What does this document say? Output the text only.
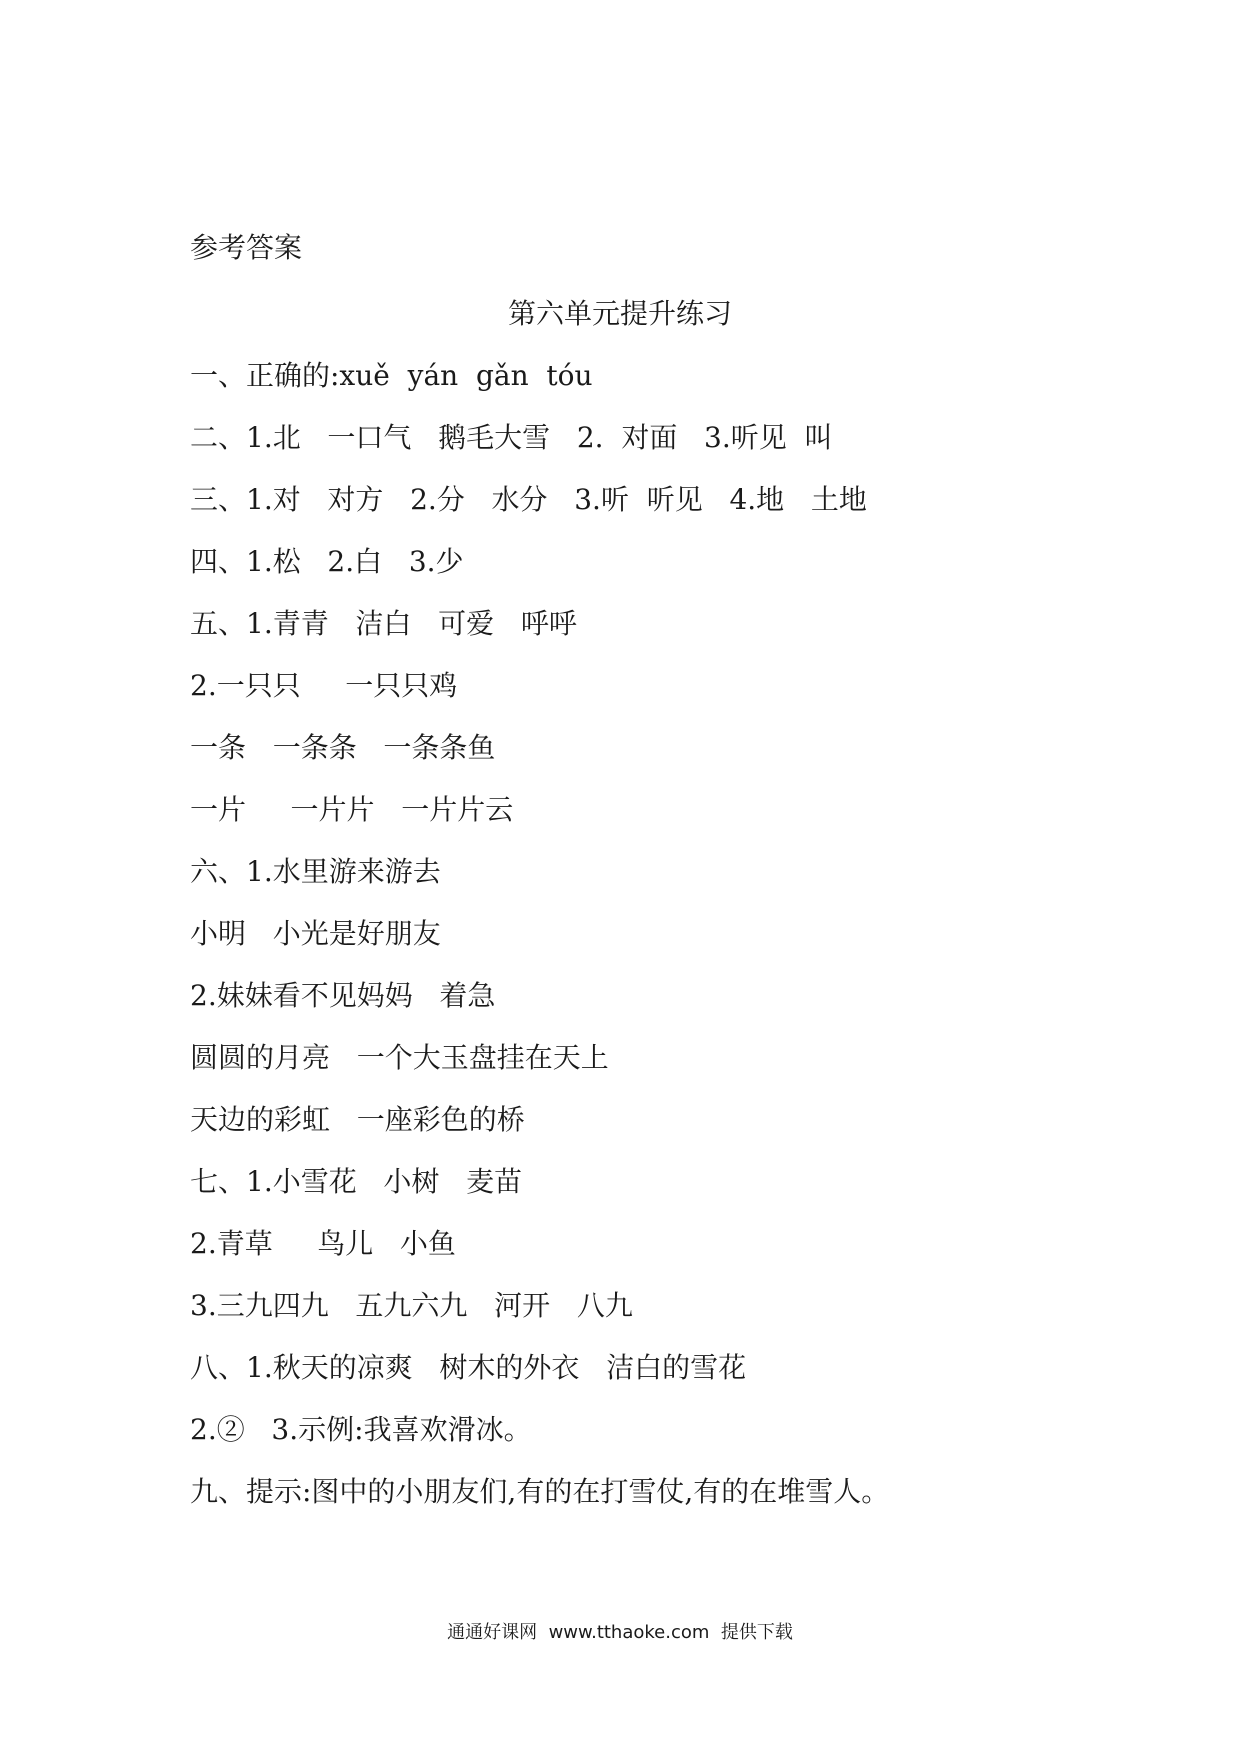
参考答案
第六单元提升练习
一、正确的:xuě  yán  gǎn  tóu
二、1.北   一口气   鹅毛大雪   2.  对面   3.听见  叫
三、1.对   对方   2.分   水分   3.听  听见   4.地   土地
四、1.松   2.白   3.少
五、1.青青   洁白   可爱   呼呼
2.一只只     一只只鸡
一条   一条条   一条条鱼
一片     一片片   一片片云
六、1.水里游来游去
小明   小光是好朋友
2.妹妹看不见妈妈   着急
圆圆的月亮   一个大玉盘挂在天上
天边的彩虹   一座彩色的桥
七、1.小雪花   小树   麦苗
2.青草     鸟儿   小鱼
3.三九四九   五九六九   河开   八九
八、1.秋天的凉爽   树木的外衣   洁白的雪花
2.②   3.示例:我喜欢滑冰。
九、提示:图中的小朋友们,有的在打雪仗,有的在堆雪人。
通通好课网  www.tthaoke.com  提供下载
